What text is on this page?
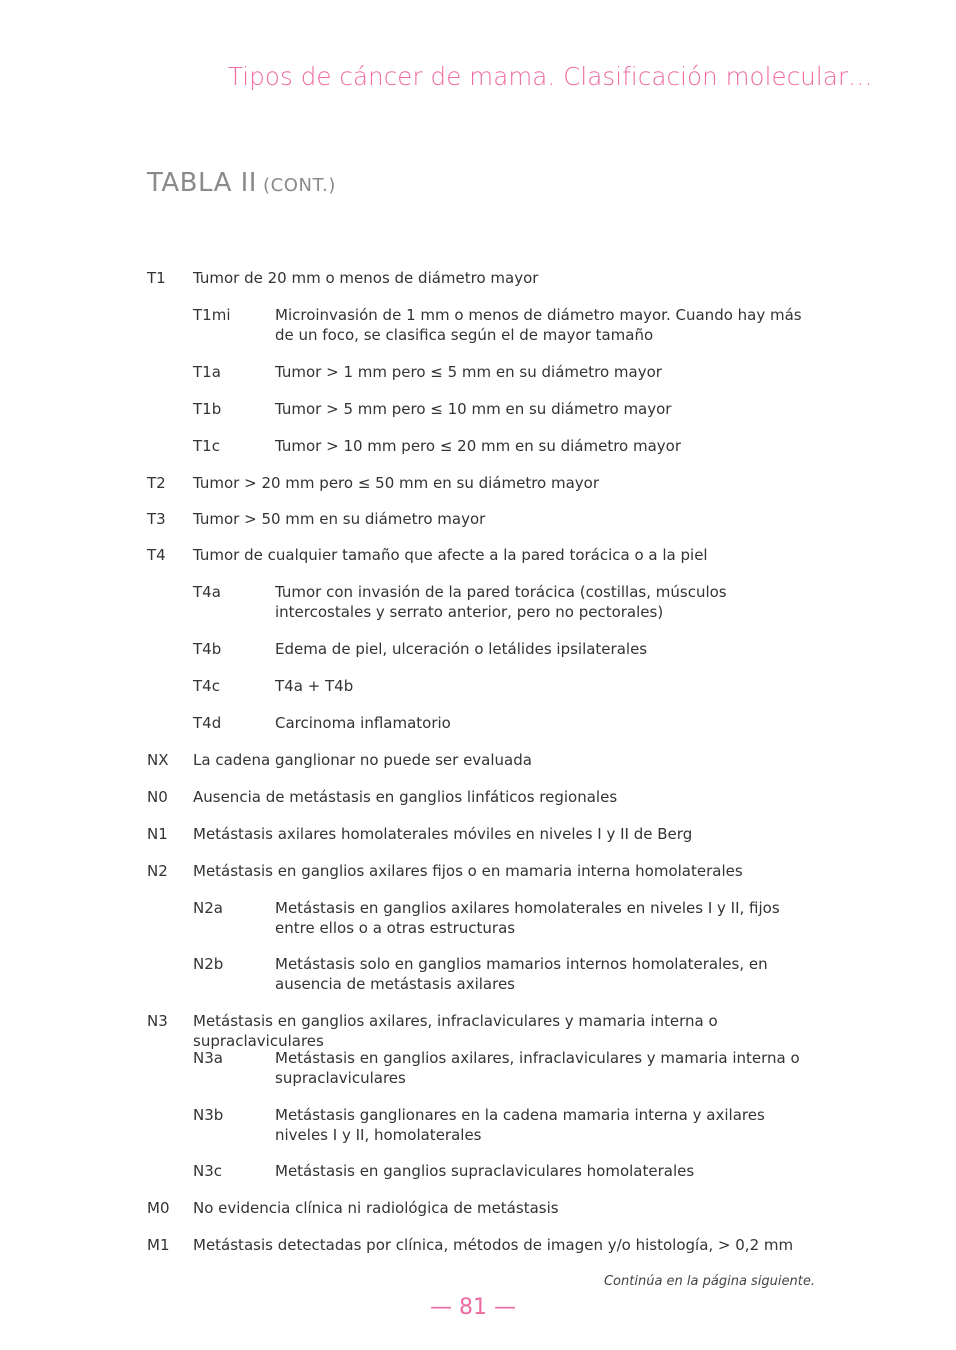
Tipos de cáncer de mama. Clasificación molecular…
TABLA II (CONT.)
T1	Tumor de 20 mm o menos de diámetro mayor
T1mi	Microinvasión de 1 mm o menos de diámetro mayor. Cuando hay más de un foco, se clasifica según el de mayor tamaño
T1a	Tumor > 1 mm pero ≤ 5 mm en su diámetro mayor
T1b	Tumor > 5 mm pero ≤ 10 mm en su diámetro mayor
T1c	Tumor > 10 mm pero ≤ 20 mm en su diámetro mayor
T2	Tumor > 20 mm pero ≤ 50 mm en su diámetro mayor
T3	Tumor > 50 mm en su diámetro mayor
T4	Tumor de cualquier tamaño que afecte a la pared torácica o a la piel
T4a	Tumor con invasión de la pared torácica (costillas, músculos intercostales y serrato anterior, pero no pectorales)
T4b	Edema de piel, ulceración o letálides ipsilaterales
T4c	T4a + T4b
T4d	Carcinoma inflamatorio
NX	La cadena ganglionar no puede ser evaluada
N0	Ausencia de metástasis en ganglios linfáticos regionales
N1	Metástasis axilares homolaterales móviles en niveles I y II de Berg
N2	Metástasis en ganglios axilares fijos o en mamaria interna homolaterales
N2a	Metástasis en ganglios axilares homolaterales en niveles I y II, fijos entre ellos o a otras estructuras
N2b	Metástasis solo en ganglios mamarios internos homolaterales, en ausencia de metástasis axilares
N3	Metástasis en ganglios axilares, infraclaviculares y mamaria interna o supraclaviculares
N3a	Metástasis en ganglios axilares, infraclaviculares y mamaria interna o supraclaviculares
N3b	Metástasis ganglionares en la cadena mamaria interna y axilares niveles I y II, homolaterales
N3c	Metástasis en ganglios supraclaviculares homolaterales
M0	No evidencia clínica ni radiológica de metástasis
M1	Metástasis detectadas por clínica, métodos de imagen y/o histología, > 0,2 mm
Continúa en la página siguiente.
— 81 —
